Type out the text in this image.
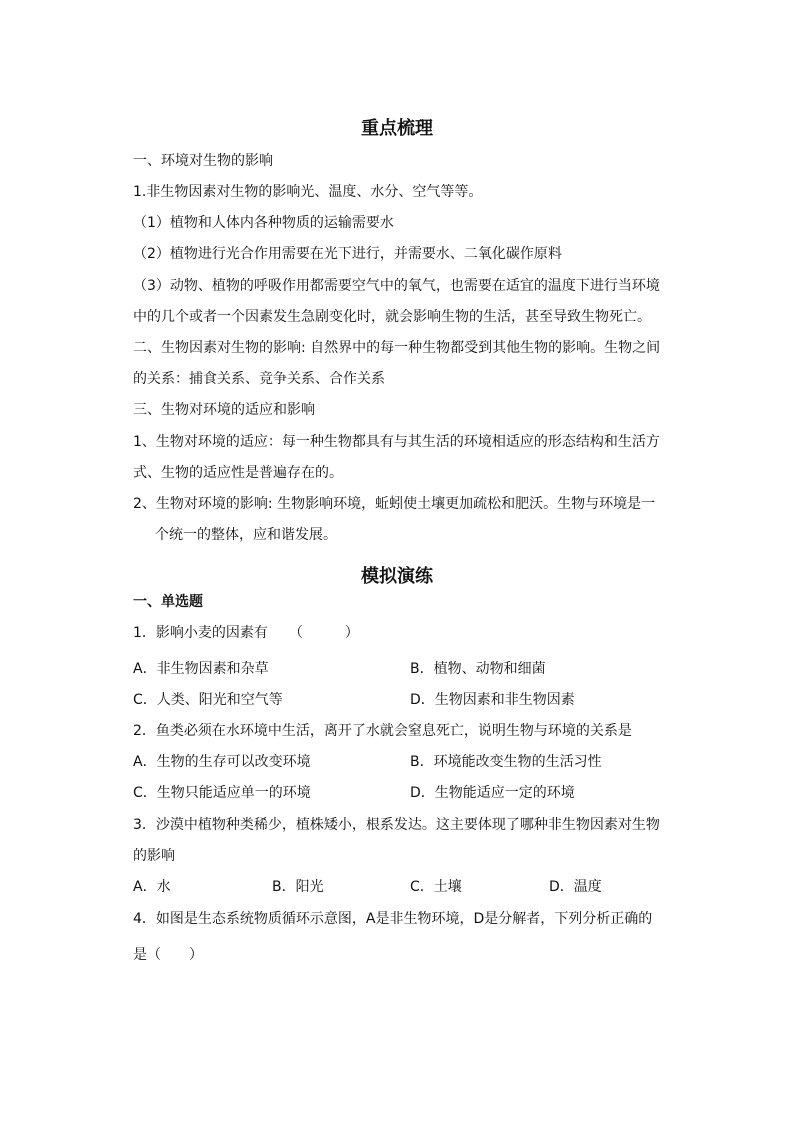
重点梳理
一、环境对生物的影响
1.非生物因素对生物的影响光、温度、水分、空气等等。
（1）植物和人体内各种物质的运输需要水
（2）植物进行光合作用需要在光下进行，并需要水、二氧化碳作原料
（3）动物、植物的呼吸作用都需要空气中的氧气，也需要在适宜的温度下进行当环境
中的几个或者一个因素发生急剧变化时，就会影响生物的生活，甚至导致生物死亡。
二、生物因素对生物的影响: 自然界中的每一种生物都受到其他生物的影响。生物之间
的关系：捕食关系、竞争关系、合作关系
三、生物对环境的适应和影响
1、生物对环境的适应：每一种生物都具有与其生活的环境相适应的形态结构和生活方
式、生物的适应性是普遍存在的。
2、生物对环境的影响: 生物影响环境，蚯蚓使土壤更加疏松和肥沃。生物与环境是一
个统一的整体，应和谐发展。
模拟演练
一、单选题
1．影响小麦的因素有　　（　　　）
A．非生物因素和杂草	B．植物、动物和细菌
C．人类、阳光和空气等	D．生物因素和非生物因素
2．鱼类必须在水环境中生活，离开了水就会窒息死亡，说明生物与环境的关系是
A．生物的生存可以改变环境	B．环境能改变生物的生活习性
C．生物只能适应单一的环境	D．生物能适应一定的环境
3．沙漠中植物种类稀少，植株矮小，根系发达。这主要体现了哪种非生物因素对生物
的影响
A．水	B．阳光	C．土壤	D．温度
4．如图是生态系统物质循环示意图，A是非生物环境，D是分解者，下列分析正确的
是（　　）
